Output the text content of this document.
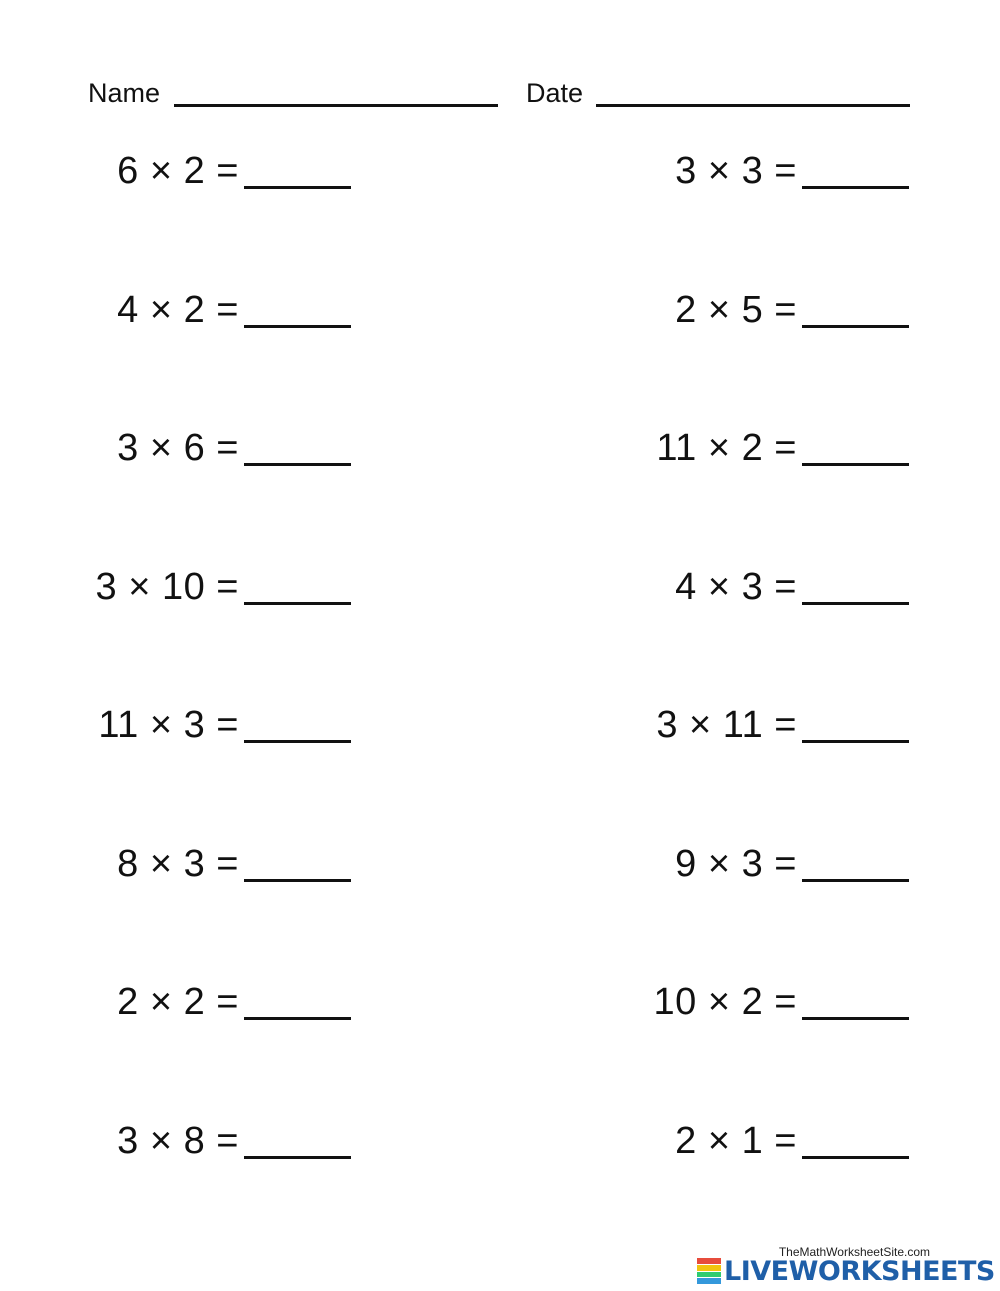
Name	Date
6 × 2 =
4 × 2 =
3 × 6 =
3 × 10 =
11 × 3 =
8 × 3 =
2 × 2 =
3 × 8 =
3 × 3 =
2 × 5 =
11 × 2 =
4 × 3 =
3 × 11 =
9 × 3 =
10 × 2 =
2 × 1 =
TheMathWorksheetSite.com
LIVEWORKSHEETS
